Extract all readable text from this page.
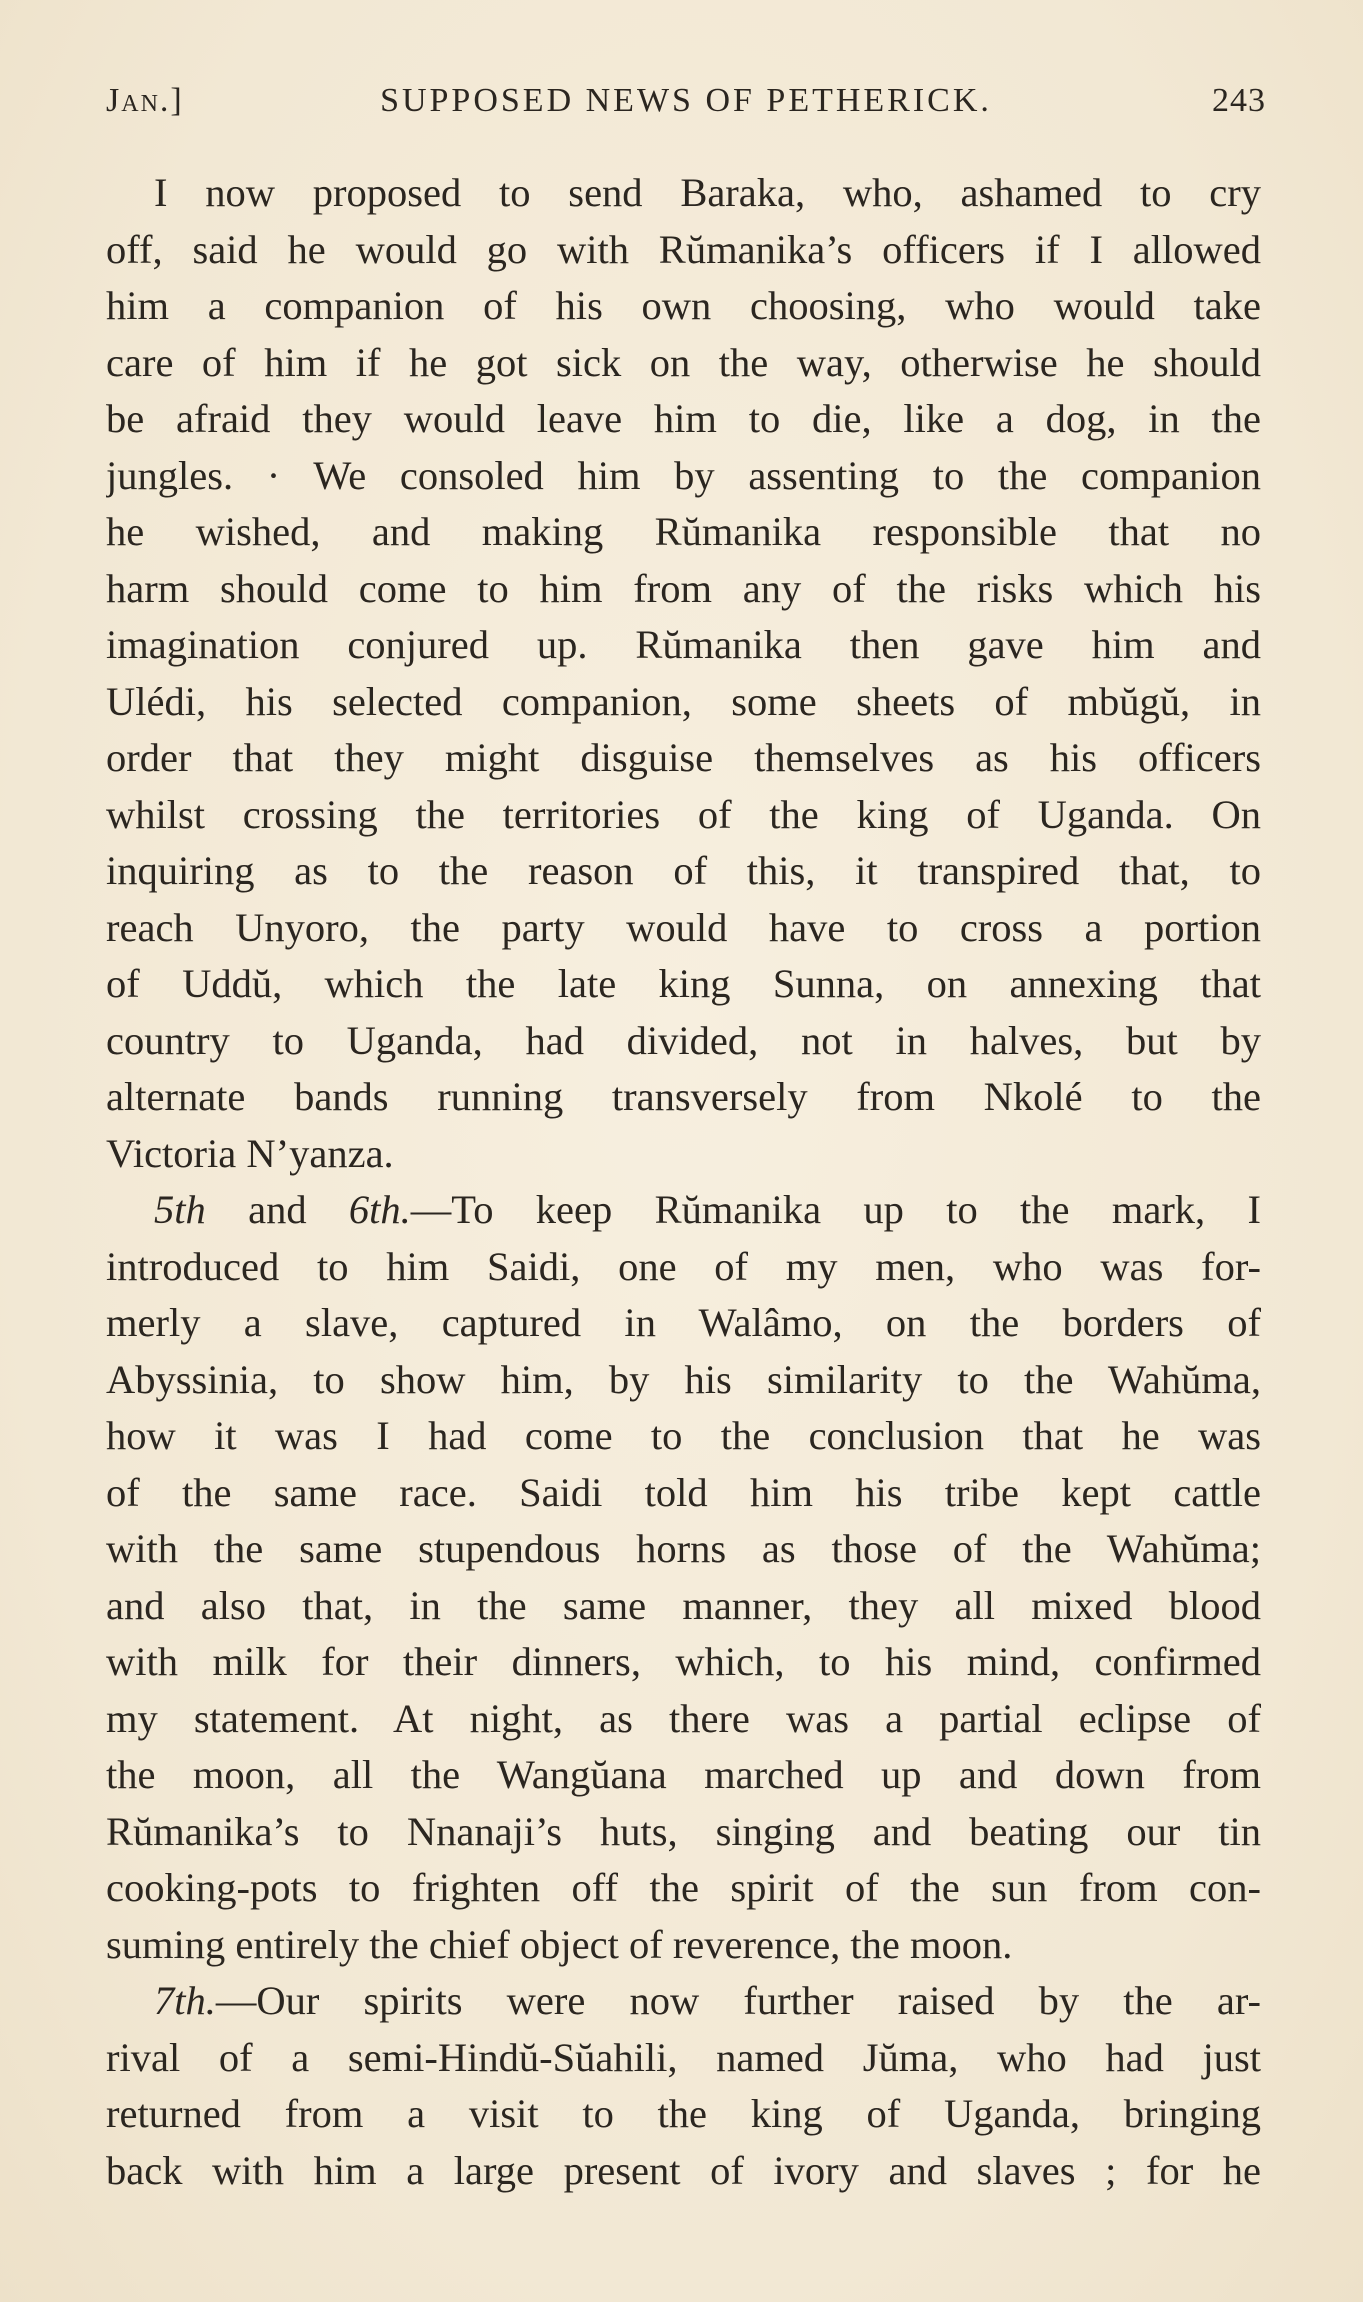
Jan.]	SUPPOSED NEWS OF PETHERICK.	243
I now proposed to send Baraka, who, ashamed to cry
off, said he would go with Rŭmanika’s officers if I allowed
him a companion of his own choosing, who would take
care of him if he got sick on the way, otherwise he should
be afraid they would leave him to die, like a dog, in the
jungles. · We consoled him by assenting to the companion
he wished, and making Rŭmanika responsible that no
harm should come to him from any of the risks which his
imagination conjured up. Rŭmanika then gave him and
Ulédi, his selected companion, some sheets of mbŭgŭ, in
order that they might disguise themselves as his officers
whilst crossing the territories of the king of Uganda. On
inquiring as to the reason of this, it transpired that, to
reach Unyoro, the party would have to cross a portion
of Uddŭ, which the late king Sunna, on annexing that
country to Uganda, had divided, not in halves, but by
alternate bands running transversely from Nkolé to the
Victoria N’yanza.
5th and 6th.—To keep Rŭmanika up to the mark, I
introduced to him Saidi, one of my men, who was for-
merly a slave, captured in Walâmo, on the borders of
Abyssinia, to show him, by his similarity to the Wahŭma,
how it was I had come to the conclusion that he was
of the same race. Saidi told him his tribe kept cattle
with the same stupendous horns as those of the Wahŭma;
and also that, in the same manner, they all mixed blood
with milk for their dinners, which, to his mind, confirmed
my statement. At night, as there was a partial eclipse of
the moon, all the Wangŭana marched up and down from
Rŭmanika’s to Nnanaji’s huts, singing and beating our tin
cooking-pots to frighten off the spirit of the sun from con-
suming entirely the chief object of reverence, the moon.
7th.—Our spirits were now further raised by the ar-
rival of a semi-Hindŭ-Sŭahili, named Jŭma, who had just
returned from a visit to the king of Uganda, bringing
back with him a large present of ivory and slaves ; for he
